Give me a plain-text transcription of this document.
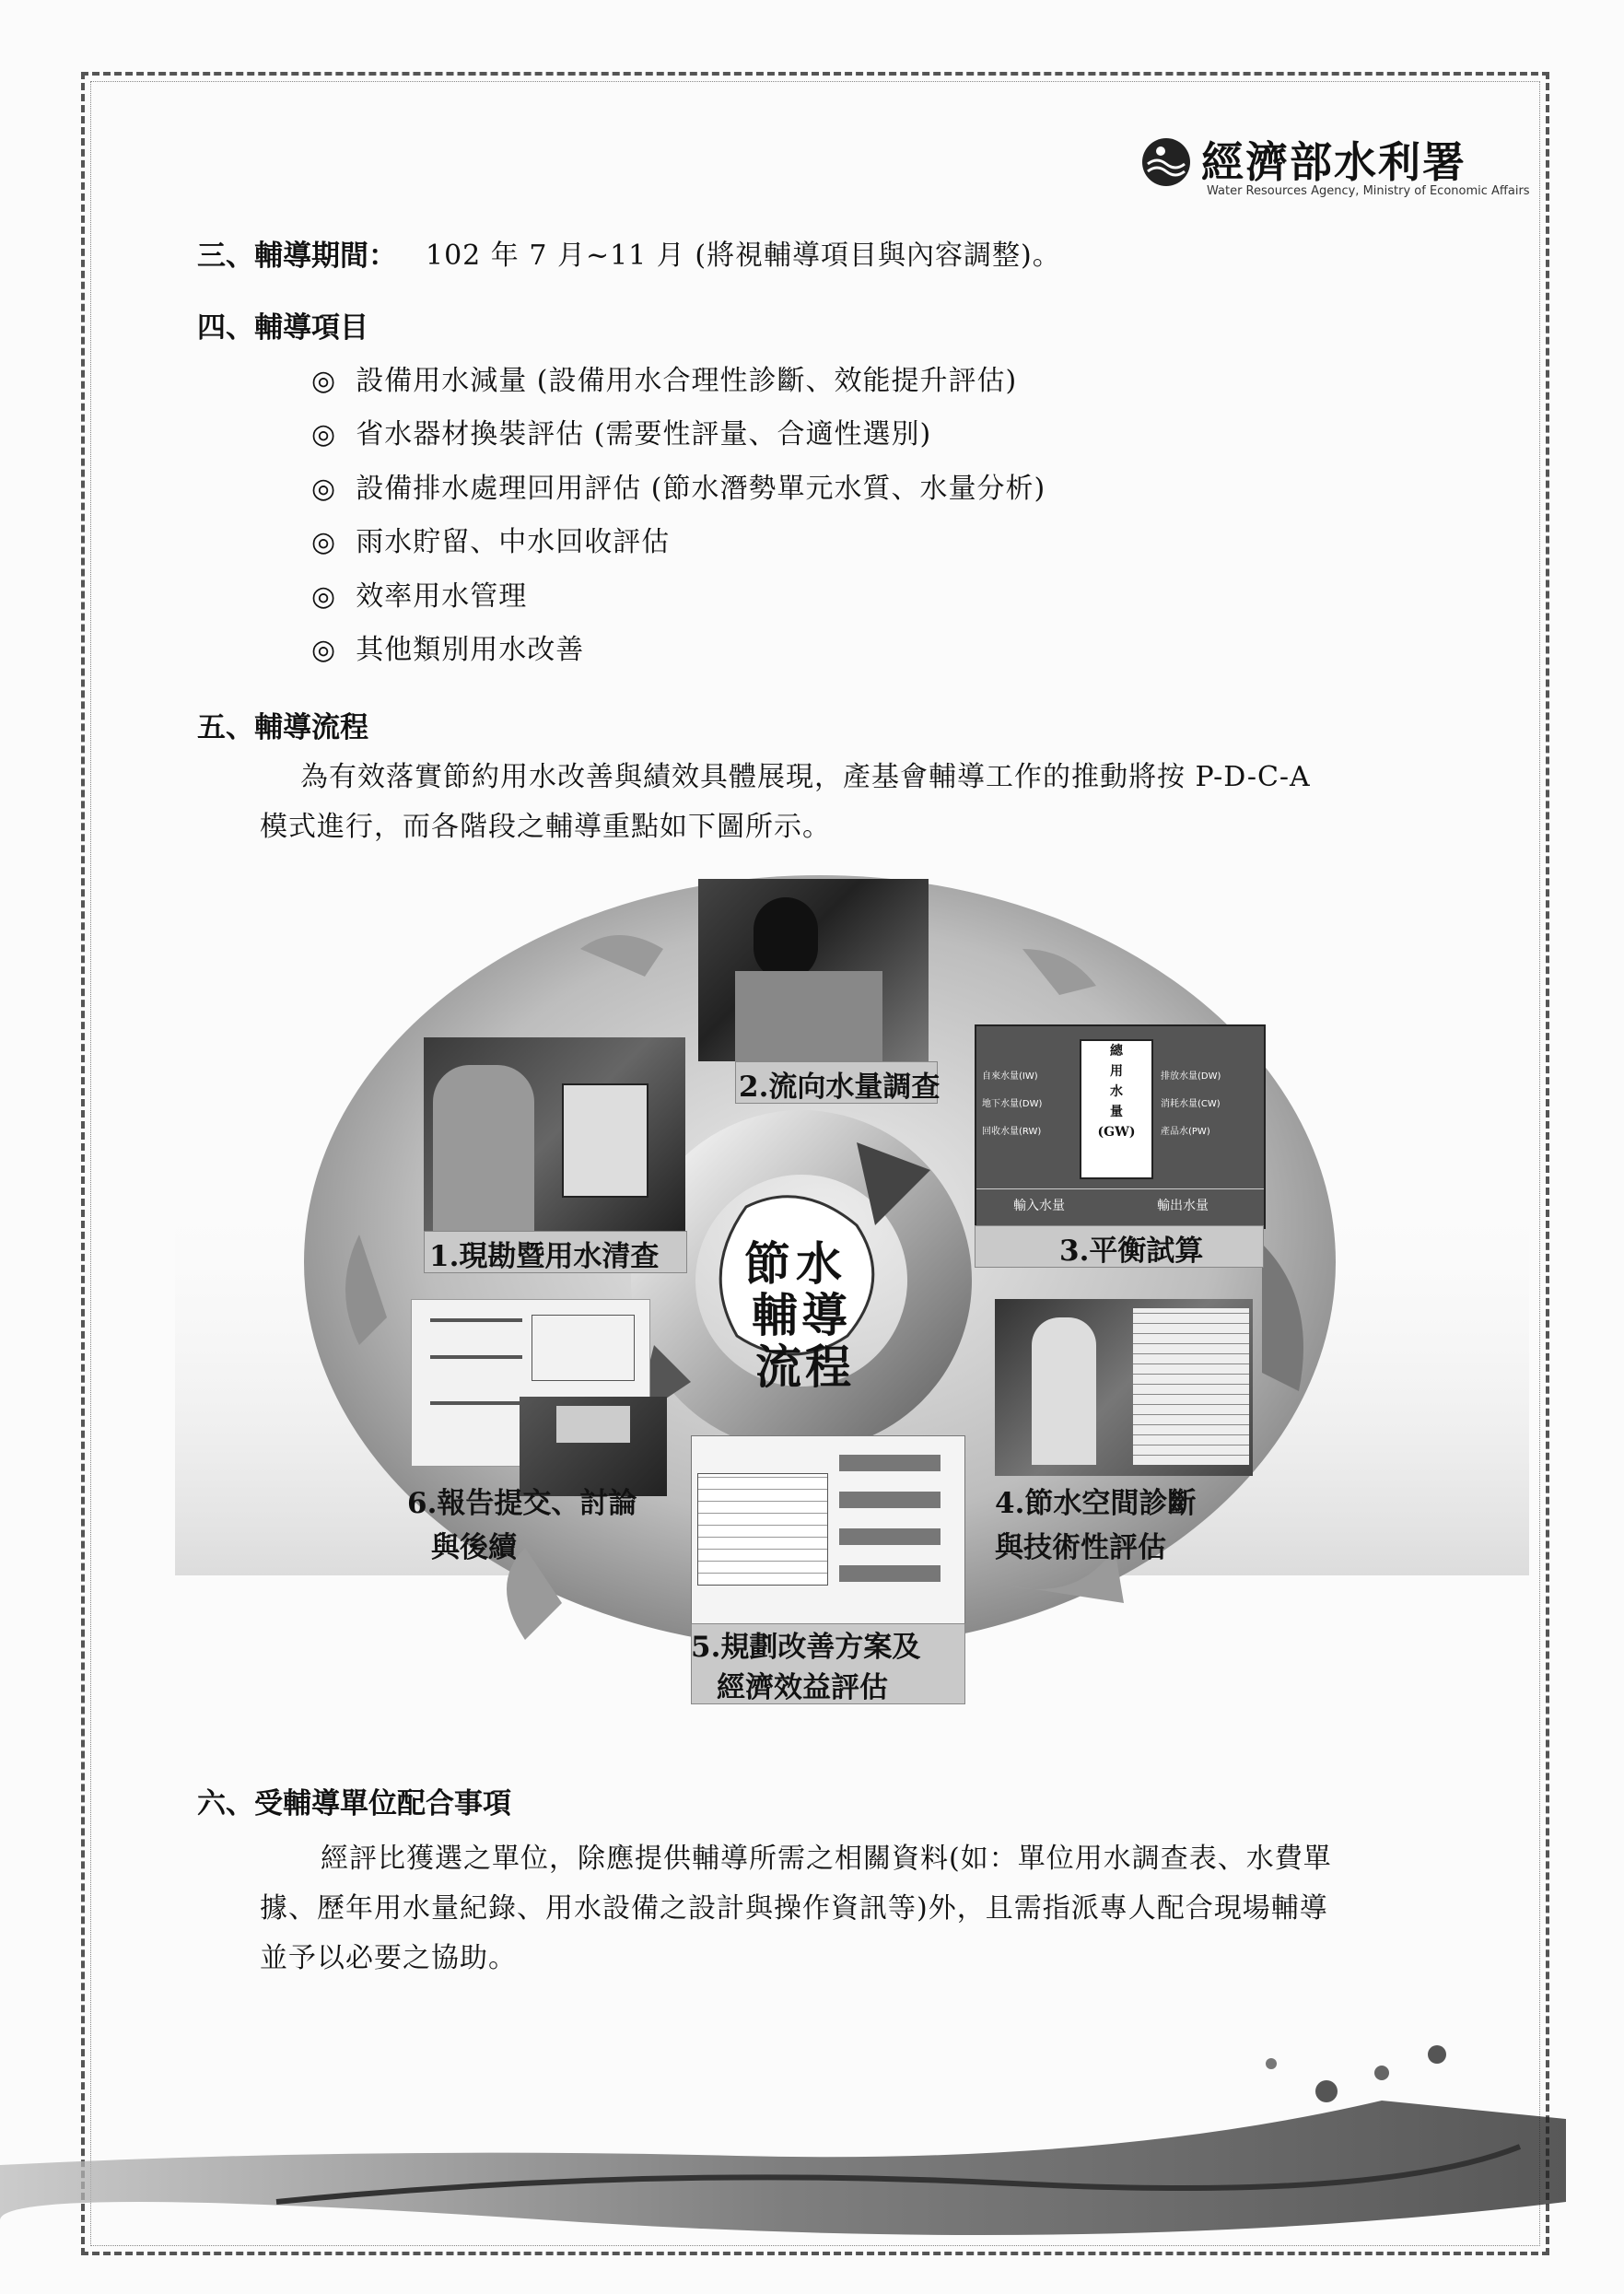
經濟部水利署
Water Resources Agency, Ministry of Economic Affairs
三、輔導期間： 102 年 7 月~11 月 (將視輔導項目與內容調整)。
四、輔導項目
◎ 設備用水減量 (設備用水合理性診斷、效能提升評估)
◎ 省水器材換裝評估 (需要性評量、合適性選別)
◎ 設備排水處理回用評估 (節水潛勢單元水質、水量分析)
◎ 雨水貯留、中水回收評估
◎ 效率用水管理
◎ 其他類別用水改善
五、輔導流程
為有效落實節約用水改善與績效具體展現，產基會輔導工作的推動將按 P-D-C-A
模式進行，而各階段之輔導重點如下圖所示。
2.流向水量調查
1.現勘暨用水清查
總
用
水
量
(GW)
自來水量(IW)
地下水量(DW)
回收水量(RW)
排放水量(DW)
消耗水量(CW)
產品水(PW)
輸入水量	輸出水量
3.平衡試算
節 水
輔 導
流 程
6.報告提交、討論
與後續
5.規劃改善方案及
經濟效益評估
4.節水空間診斷
與技術性評估
六、受輔導單位配合事項
經評比獲選之單位，除應提供輔導所需之相關資料(如：單位用水調查表、水費單
據、歷年用水量紀錄、用水設備之設計與操作資訊等)外，且需指派專人配合現場輔導
並予以必要之協助。
